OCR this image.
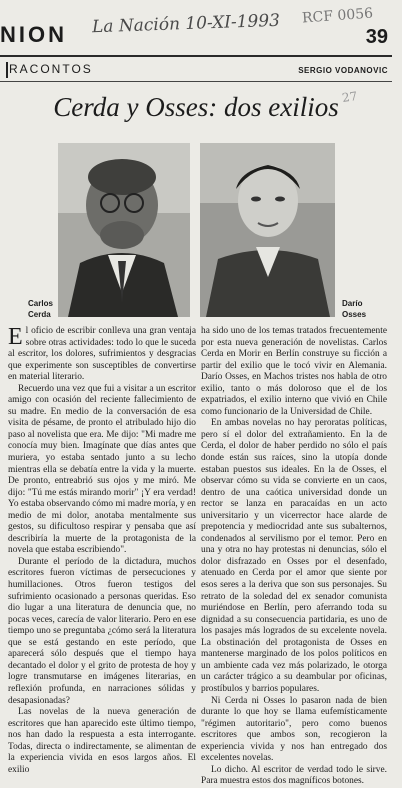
NION La Nación 10-XI-1993 RCF 0056
39
RACONTOS	SERGIO VODANOVIC
Cerda y Osses: dos exilios 27
Carlos
Cerda
Darío
Osses

El oficio de escribir conlleva una gran ventaja sobre otras actividades: todo lo que le suceda al escritor, los dolores, sufrimientos y desgracias que experimente son susceptibles de convertirse en material literario.

Recuerdo una vez que fui a visitar a un escritor amigo con ocasión del reciente fallecimiento de su madre. En medio de la conversación de esa visita de pésame, de pronto el atribulado hijo dio paso al novelista que era. Me dijo: "Mi madre me conocía muy bien. Imagínate que días antes que muriera, yo estaba sentado junto a su lecho mientras ella se debatía entre la vida y la muerte. De pronto, entreabrió sus ojos y me miró. Me dijo: "Tú me estás mirando morir" ¡Y era verdad! Yo estaba observando cómo mi madre moría, y en medio de mi dolor, anotaba mentalmente sus gestos, su dificultoso respirar y pensaba que así describiría la muerte de la protagonista de la novela que estaba escribiendo".

Durante el período de la dictadura, muchos escritores fueron víctimas de persecuciones y humillaciones. Otros fueron testigos del sufrimiento ocasionado a personas queridas. Eso dio lugar a una literatura de denuncia que, no pocas veces, carecía de valor literario. Pero en ese tiempo uno se preguntaba ¿cómo será la literatura que se está gestando en este período, que aparecerá sólo después que el tiempo haya decantado el dolor y el grito de protesta de hoy y logre transmutarse en imágenes literarias, en reflexión profunda, en narraciones sólidas y desapasionadas?

Las novelas de la nueva generación de escritores que han aparecido este último tiempo, nos han dado la respuesta a esta interrogante. Todas, directa o indirectamente, se alimentan de la experiencia vivida en esos largos años. El exilio

ha sido uno de los temas tratados frecuentemente por esta nueva generación de novelistas. Carlos Cerda en Morir en Berlín construye su ficción a partir del exilio que le tocó vivir en Alemania. Darío Osses, en Machos tristes nos habla de otro exilio, tanto o más doloroso que el de los expatriados, el exilio interno que vivió en Chile como funcionario de la Universidad de Chile.

En ambas novelas no hay peroratas políticas, pero sí el dolor del extrañamiento. En la de Cerda, el dolor de haber perdido no sólo el país donde están sus raíces, sino la utopía donde estaban puestos sus ideales. En la de Osses, el observar cómo su vida se convierte en un caos, dentro de una caótica universidad donde un rector se lanza en paracaídas en un acto universitario y un vicerrector hace alarde de prepotencia y mediocridad ante sus subalternos, condenados al servilismo por el temor. Pero en una y otra no hay protestas ni denuncias, sólo el dolor disfrazado en Osses por el desenfado, atenuado en Cerda por el amor que siente por esos seres a la deriva que son sus personajes. Su retrato de la soledad del ex senador comunista muriéndose en Berlín, pero aferrando toda su dignidad a su consecuencia partidaria, es uno de los pasajes más logrados de su excelente novela. La obstinación del protagonista de Osses en mantenerse marginado de los polos políticos en un ambiente cada vez más polarizado, le otorga un carácter trágico a su deambular por oficinas, prostíbulos y barrios populares.

Ni Cerda ni Osses lo pasaron nada de bien durante lo que hoy se llama eufemísticamente "régimen autoritario", pero como buenos escritores que ambos son, recogieron la experiencia vivida y nos han entregado dos excelentes novelas.

Lo dicho. Al escritor de verdad todo le sirve. Para muestra estos dos magníficos botones.
